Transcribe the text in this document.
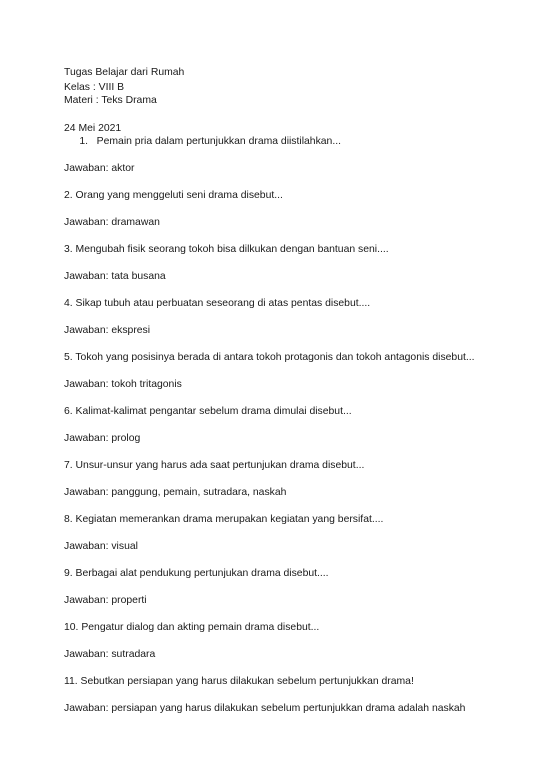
Tugas Belajar dari Rumah
Kelas : VIII B
Materi : Teks Drama
24 Mei 2021
1. Pemain pria dalam pertunjukkan drama diistilahkan...
Jawaban: aktor
2. Orang yang menggeluti seni drama disebut...
Jawaban: dramawan
3. Mengubah fisik seorang tokoh bisa dilkukan dengan bantuan seni....
Jawaban: tata busana
4. Sikap tubuh atau perbuatan seseorang di atas pentas disebut....
Jawaban: ekspresi
5. Tokoh yang posisinya berada di antara tokoh protagonis dan tokoh antagonis disebut...
Jawaban: tokoh tritagonis
6. Kalimat-kalimat pengantar sebelum drama dimulai disebut...
Jawaban: prolog
7. Unsur-unsur yang harus ada saat pertunjukan drama disebut...
Jawaban: panggung, pemain, sutradara, naskah
8. Kegiatan memerankan drama merupakan kegiatan yang bersifat....
Jawaban: visual
9. Berbagai alat pendukung pertunjukan drama disebut....
Jawaban: properti
10. Pengatur dialog dan akting pemain drama disebut...
Jawaban: sutradara
11. Sebutkan persiapan yang harus dilakukan sebelum pertunjukkan drama!
Jawaban: persiapan yang harus dilakukan sebelum pertunjukkan drama adalah naskah
